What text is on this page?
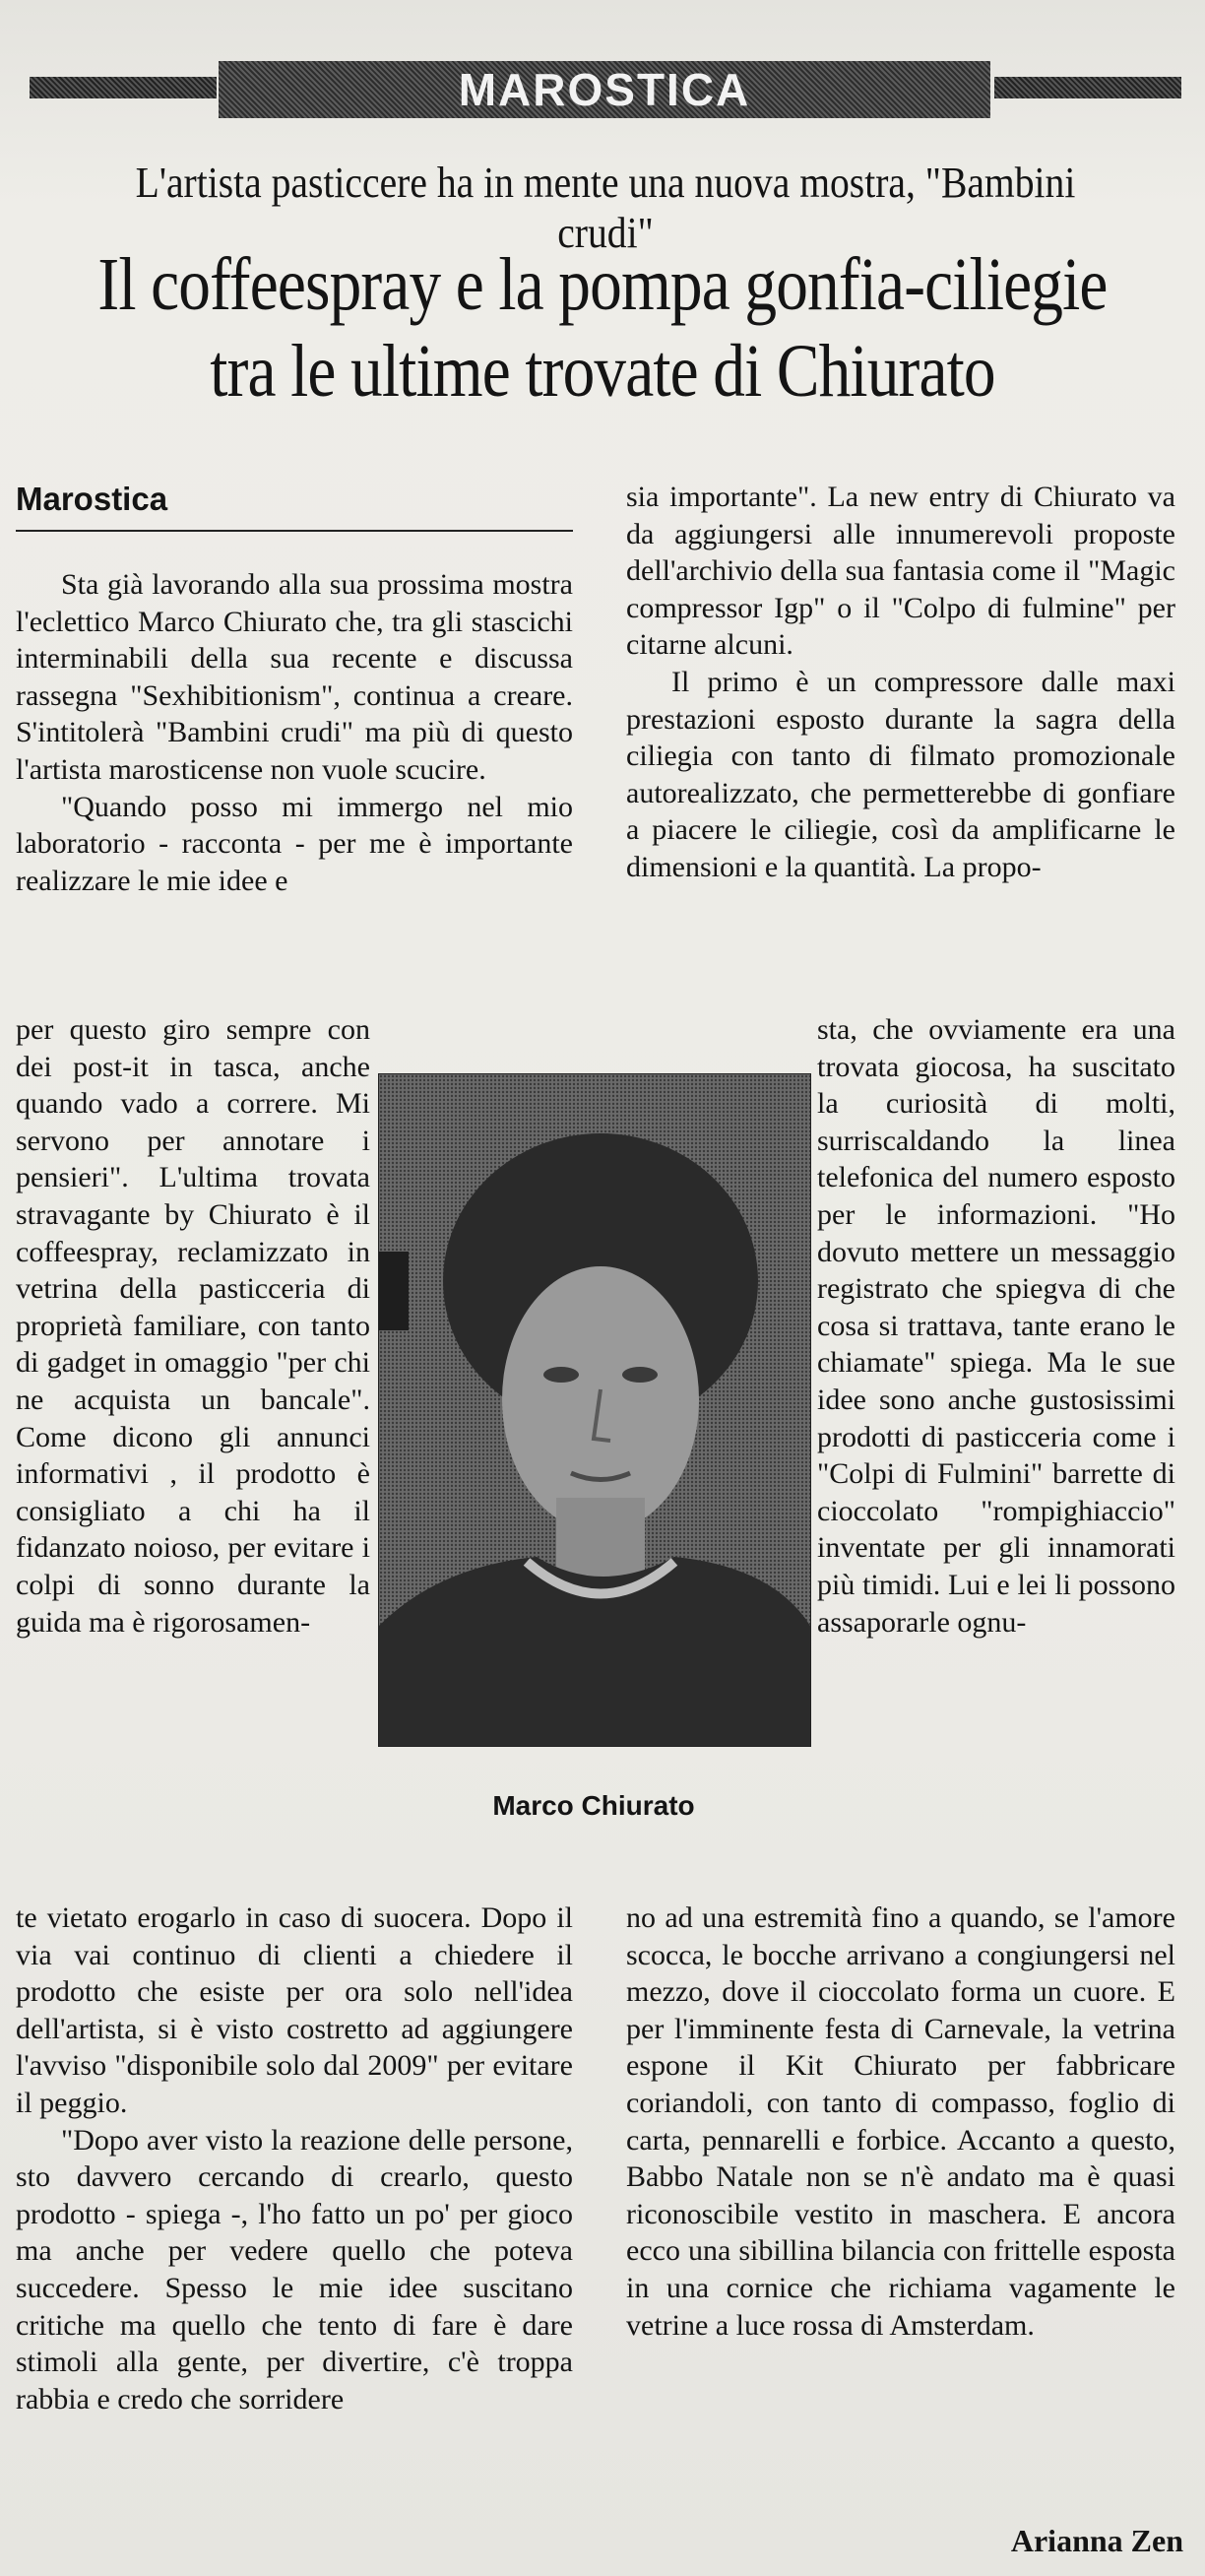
MAROSTICA
L'artista pasticcere ha in mente una nuova mostra, "Bambini crudi"
Il coffeespray e la pompa gonfia-ciliegie
tra le ultime trovate di Chiurato
Marostica

Sta già lavorando alla sua prossima mostra l'eclettico Marco Chiurato che, tra gli stascichi interminabili della sua recente e discussa rassegna "Sexhibitionism", continua a creare. S'intitolerà "Bambini crudi" ma più di questo l'artista marosticense non vuole scucire.

"Quando posso mi immergo nel mio laboratorio - racconta - per me è importante realizzare le mie idee e

per questo giro sempre con dei post-it in tasca, anche quando vado a correre. Mi servono per annotare i pensieri". L'ultima trovata stravagante by Chiurato è il coffeespray, reclamizzato in vetrina della pasticceria di proprietà familiare, con tanto di gadget in omaggio "per chi ne acquista un bancale". Come dicono gli annunci informativi , il prodotto è consigliato a chi ha il fidanzato noioso, per evitare i colpi di sonno durante la guida ma è rigorosamen-
sta, che ovviamente era una trovata giocosa, ha suscitato la curiosità di molti, surriscaldando la linea telefonica del numero esposto per le informazioni. "Ho dovuto mettere un messaggio registrato che spiegva di che cosa si trattava, tante erano le chiamate" spiega. Ma le sue idee sono anche gustosissimi prodotti di pasticceria come i "Colpi di Fulmini" barrette di cioccolato "rompighiaccio" inventate per gli innamorati più timidi. Lui e lei li possono assaporarle ognu-
Marco Chiurato

sia importante". La new entry di Chiurato va da aggiungersi alle innumerevoli proposte dell'archivio della sua fantasia come il "Magic compressor Igp" o il "Colpo di fulmine" per citarne alcuni.

Il primo è un compressore dalle maxi prestazioni esposto durante la sagra della ciliegia con tanto di filmato promozionale autorealizzato, che permetterebbe di gonfiare a piacere le ciliegie, così da amplificarne le dimensioni e la quantità. La propo-

te vietato erogarlo in caso di suocera. Dopo il via vai continuo di clienti a chiedere il prodotto che esiste per ora solo nell'idea dell'artista, si è visto costretto ad aggiungere l'avviso "disponibile solo dal 2009" per evitare il peggio.

"Dopo aver visto la reazione delle persone, sto davvero cercando di crearlo, questo prodotto - spiega -, l'ho fatto un po' per gioco ma anche per vedere quello che poteva succedere. Spesso le mie idee suscitano critiche ma quello che tento di fare è dare stimoli alla gente, per divertire, c'è troppa rabbia e credo che sorridere

no ad una estremità fino a quando, se l'amore scocca, le bocche arrivano a congiungersi nel mezzo, dove il cioccolato forma un cuore. E per l'imminente festa di Carnevale, la vetrina espone il Kit Chiurato per fabbricare coriandoli, con tanto di compasso, foglio di carta, pennarelli e forbice. Accanto a questo, Babbo Natale non se n'è andato ma è quasi riconoscibile vestito in maschera. E ancora ecco una sibillina bilancia con frittelle esposta in una cornice che richiama vagamente le vetrine a luce rossa di Amsterdam.

Arianna Zen
